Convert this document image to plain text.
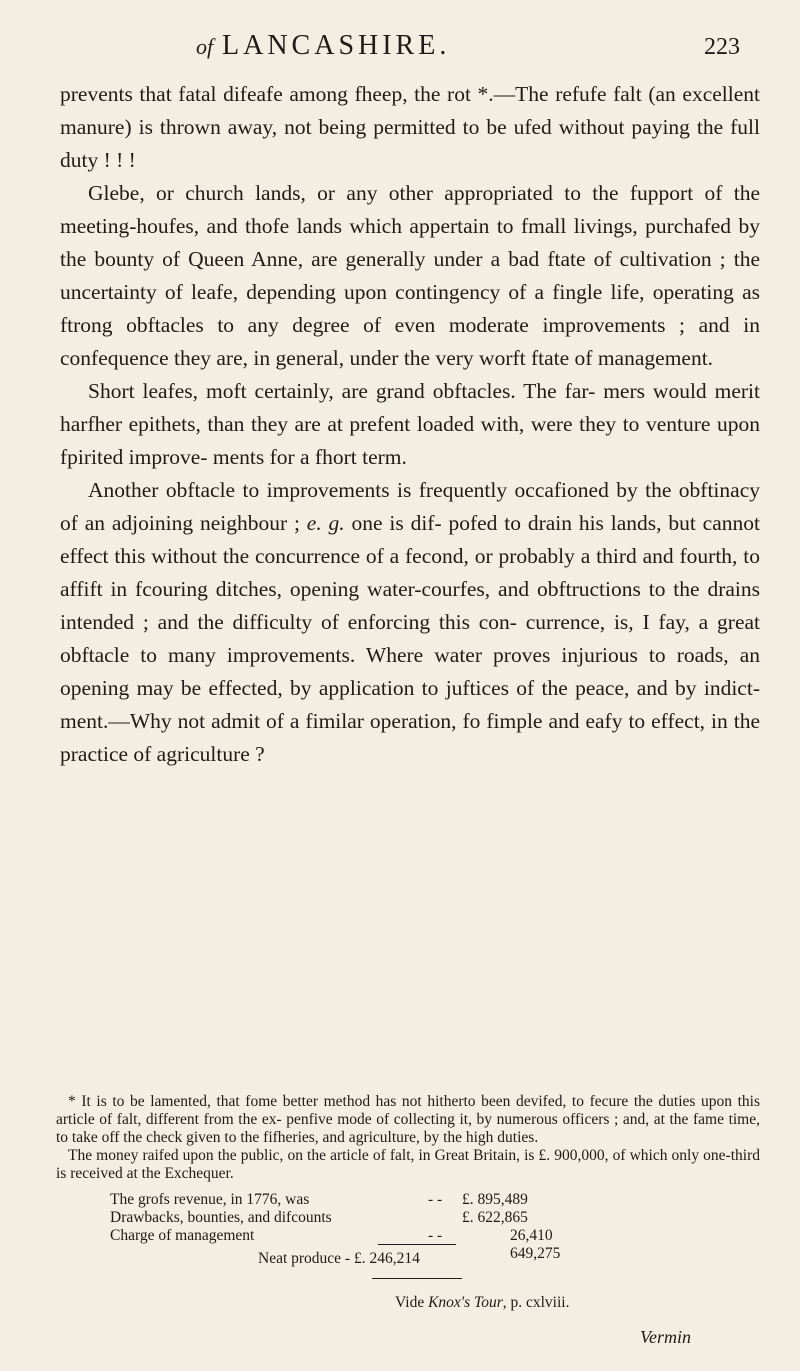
of LANCASHIRE.	223

prevents that fatal difeafe among fheep, the rot *.—The refufe falt (an excellent manure) is thrown away, not being permitted to be ufed without paying the full duty ! ! !

Glebe, or church lands, or any other appropriated to the fupport of the meeting-houfes, and thofe lands which appertain to fmall livings, purchafed by the bounty of Queen Anne, are generally under a bad ftate of cultivation ; the uncertainty of leafe, depending upon contingency of a fingle life, operating as ftrong obftacles to any degree of even moderate improvements ; and in confequence they are, in general, under the very worft ftate of management.

Short leafes, moft certainly, are grand obftacles. The far- mers would merit harfher epithets, than they are at prefent loaded with, were they to venture upon fpirited improve- ments for a fhort term.

Another obftacle to improvements is frequently occafioned by the obftinacy of an adjoining neighbour ; e. g. one is dif- pofed to drain his lands, but cannot effect this without the concurrence of a fecond, or probably a third and fourth, to affift in fcouring ditches, opening water-courfes, and obftructions to the drains intended ; and the difficulty of enforcing this con- currence, is, I fay, a great obftacle to many improvements. Where water proves injurious to roads, an opening may be effected, by application to juftices of the peace, and by indict- ment.—Why not admit of a fimilar operation, fo fimple and eafy to effect, in the practice of agriculture ?

* It is to be lamented, that fome better method has not hitherto been devifed, to fecure the duties upon this article of falt, different from the ex- penfive mode of collecting it, by numerous officers ; and, at the fame time, to take off the check given to the fifheries, and agriculture, by the high duties.

The money raifed upon the public, on the article of falt, in Great Britain, is £. 900,000, of which only one-third is received at the Exchequer.

The grofs revenue, in 1776, was	- - £. 895,489
Drawbacks, bounties, and difcounts	£. 622,865
Charge of management	- -	26,410
649,275
Neat produce - £. 246,214
Vide Knox's Tour, p. cxlviii.
Vermin
